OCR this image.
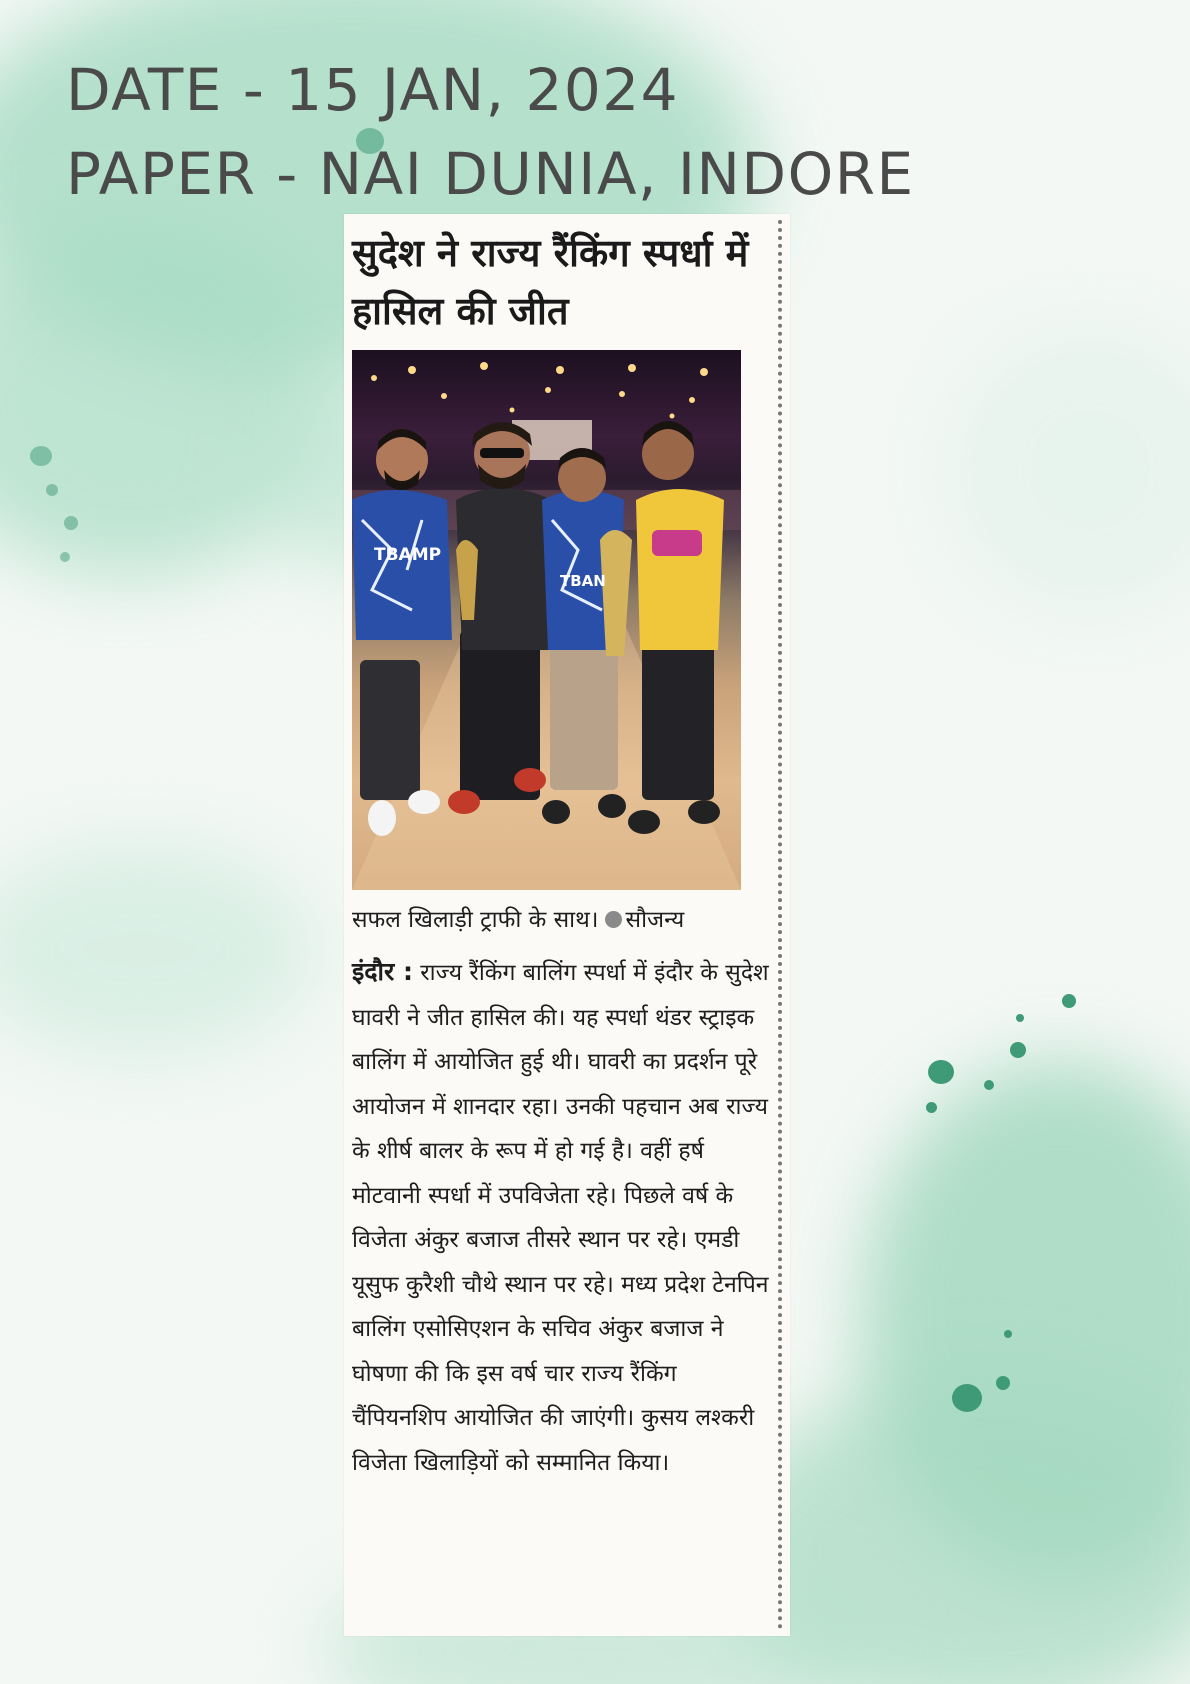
DATE - 15 JAN, 2024
PAPER - NAI DUNIA, INDORE
सुदेश ने राज्य रैंकिंग स्पर्धा में हासिल की जीत
TBAMP
TBAN

सफल खिलाड़ी ट्राफी के साथ। सौजन्य

इंदौर : राज्य रैंकिंग बालिंग स्पर्धा में इंदौर के सुदेश घावरी ने जीत हासिल की। यह स्पर्धा थंडर स्ट्राइक बालिंग में आयोजित हुई थी। घावरी का प्रदर्शन पूरे आयोजन में शानदार रहा। उनकी पहचान अब राज्य के शीर्ष बालर के रूप में हो गई है। वहीं हर्ष मोटवानी स्पर्धा में उपविजेता रहे। पिछले वर्ष के विजेता अंकुर बजाज तीसरे स्थान पर रहे। एमडी यूसुफ कुरैशी चौथे स्थान पर रहे। मध्य प्रदेश टेनपिन बालिंग एसोसिएशन के सचिव अंकुर बजाज ने घोषणा की कि इस वर्ष चार राज्य रैंकिंग चैंपियनशिप आयोजित की जाएंगी। कुसय लश्करी विजेता खिलाड़ियों को सम्मानित किया।
